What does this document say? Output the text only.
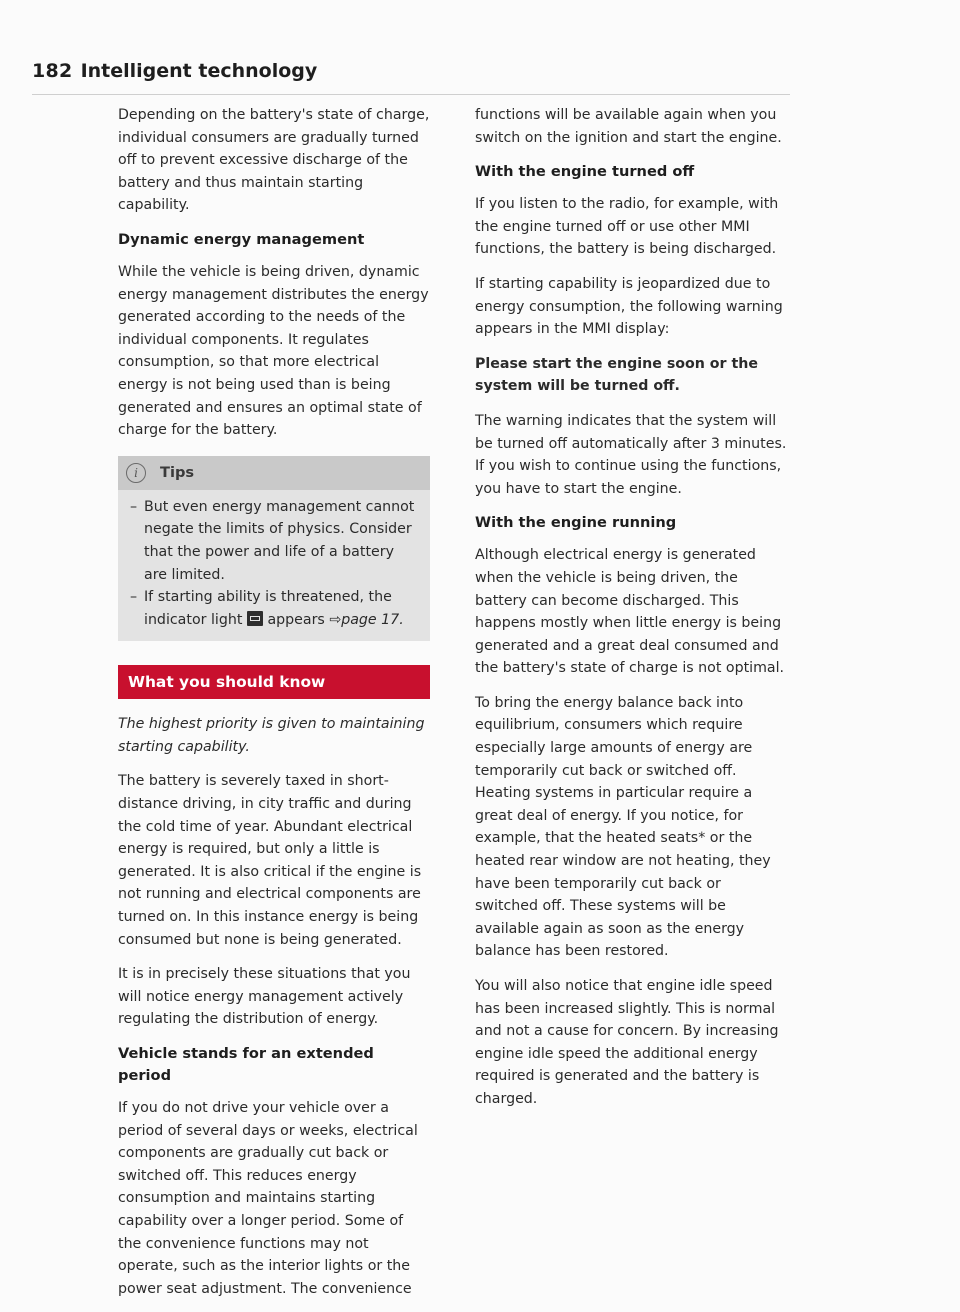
182 Intelligent technology

Depending on the battery's state of charge, individual consumers are gradually turned off to prevent excessive discharge of the battery and thus maintain starting capability.

Dynamic energy management

While the vehicle is being driven, dynamic energy management distributes the energy generated according to the needs of the individual components. It regulates consumption, so that more electrical energy is not being used than is being generated and ensures an optimal state of charge for the battery.

i	Tips
– But even energy management cannot negate the limits of physics. Consider that the power and life of a battery are limited.
– If starting ability is threatened, the indicator light appears ⇨page 17.
What you should know

The highest priority is given to maintaining starting capability.

The battery is severely taxed in short-distance driving, in city traffic and during the cold time of year. Abundant electrical energy is required, but only a little is generated. It is also critical if the engine is not running and electrical components are turned on. In this instance energy is being consumed but none is being generated.

It is in precisely these situations that you will notice energy management actively regulating the distribution of energy.

Vehicle stands for an extended period

If you do not drive your vehicle over a period of several days or weeks, electrical components are gradually cut back or switched off. This reduces energy consumption and maintains starting capability over a longer period. Some of the convenience functions may not operate, such as the interior lights or the power seat adjustment. The convenience

functions will be available again when you switch on the ignition and start the engine.

With the engine turned off

If you listen to the radio, for example, with the engine turned off or use other MMI functions, the battery is being discharged.

If starting capability is jeopardized due to energy consumption, the following warning appears in the MMI display:

Please start the engine soon or the system will be turned off.

The warning indicates that the system will be turned off automatically after 3 minutes. If you wish to continue using the functions, you have to start the engine.

With the engine running

Although electrical energy is generated when the vehicle is being driven, the battery can become discharged. This happens mostly when little energy is being generated and a great deal consumed and the battery's state of charge is not optimal.

To bring the energy balance back into equilibrium, consumers which require especially large amounts of energy are temporarily cut back or switched off. Heating systems in particular require a great deal of energy. If you notice, for example, that the heated seats* or the heated rear window are not heating, they have been temporarily cut back or switched off. These systems will be available again as soon as the energy balance has been restored.

You will also notice that engine idle speed has been increased slightly. This is normal and not a cause for concern. By increasing engine idle speed the additional energy required is generated and the battery is charged.
